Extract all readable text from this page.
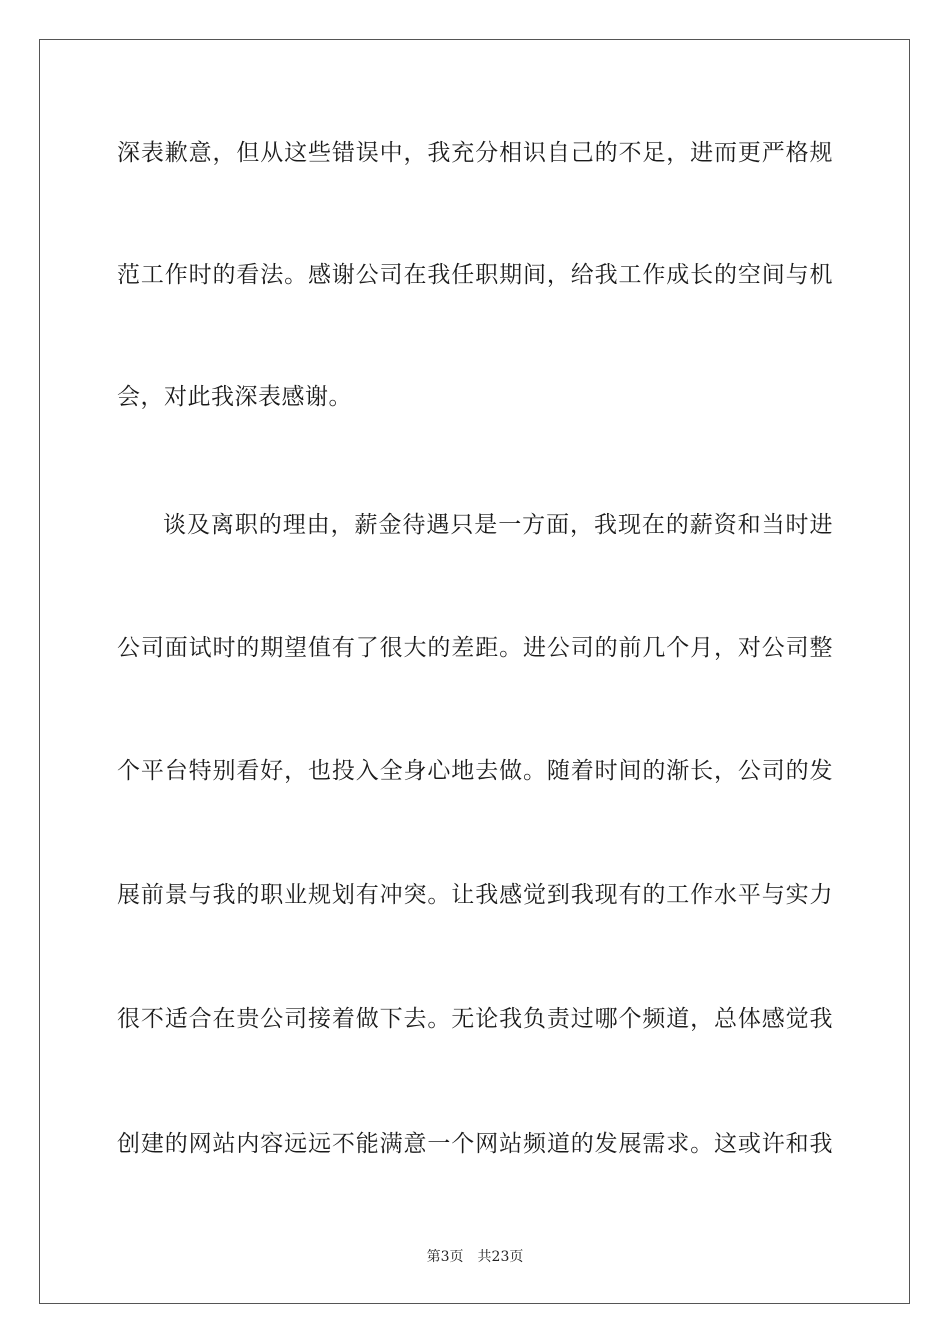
深表歉意，但从这些错误中，我充分相识自己的不足，进而更严格规
范工作时的看法。感谢公司在我任职期间，给我工作成长的空间与机
会，对此我深表感谢。
谈及离职的理由，薪金待遇只是一方面，我现在的薪资和当时进
公司面试时的期望值有了很大的差距。进公司的前几个月，对公司整
个平台特别看好，也投入全身心地去做。随着时间的渐长，公司的发
展前景与我的职业规划有冲突。让我感觉到我现有的工作水平与实力
很不适合在贵公司接着做下去。无论我负责过哪个频道，总体感觉我
创建的网站内容远远不能满意一个网站频道的发展需求。这或许和我
第3页 共23页
